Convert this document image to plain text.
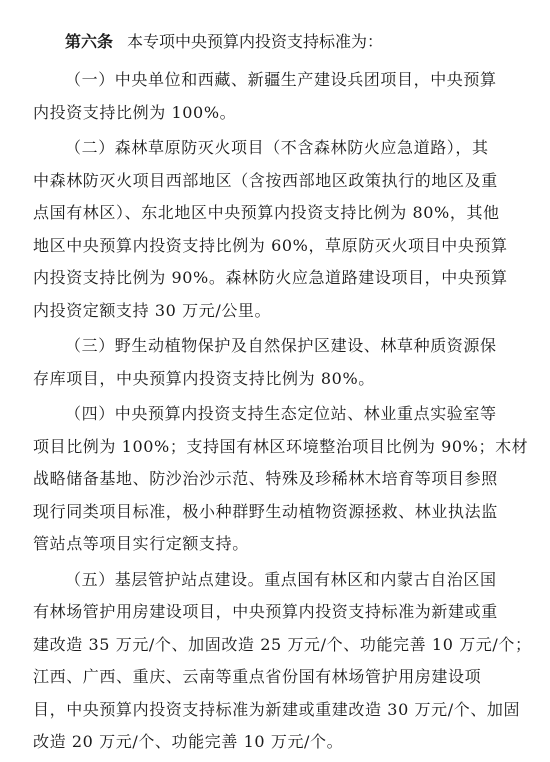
第六条 本专项中央预算内投资支持标准为：
（一）中央单位和西藏、新疆生产建设兵团项目，中央预算
内投资支持比例为 100%。
（二）森林草原防灭火项目（不含森林防火应急道路），其
中森林防灭火项目西部地区（含按西部地区政策执行的地区及重
点国有林区）、东北地区中央预算内投资支持比例为 80%，其他
地区中央预算内投资支持比例为 60%，草原防灭火项目中央预算
内投资支持比例为 90%。森林防火应急道路建设项目，中央预算
内投资定额支持 30 万元/公里。
（三）野生动植物保护及自然保护区建设、林草种质资源保
存库项目，中央预算内投资支持比例为 80%。
（四）中央预算内投资支持生态定位站、林业重点实验室等
项目比例为 100%；支持国有林区环境整治项目比例为 90%；木材
战略储备基地、防沙治沙示范、特殊及珍稀林木培育等项目参照
现行同类项目标准，极小种群野生动植物资源拯救、林业执法监
管站点等项目实行定额支持。
（五）基层管护站点建设。重点国有林区和内蒙古自治区国
有林场管护用房建设项目，中央预算内投资支持标准为新建或重
建改造 35 万元/个、加固改造 25 万元/个、功能完善 10 万元/个；
江西、广西、重庆、云南等重点省份国有林场管护用房建设项
目，中央预算内投资支持标准为新建或重建改造 30 万元/个、加固
改造 20 万元/个、功能完善 10 万元/个。
